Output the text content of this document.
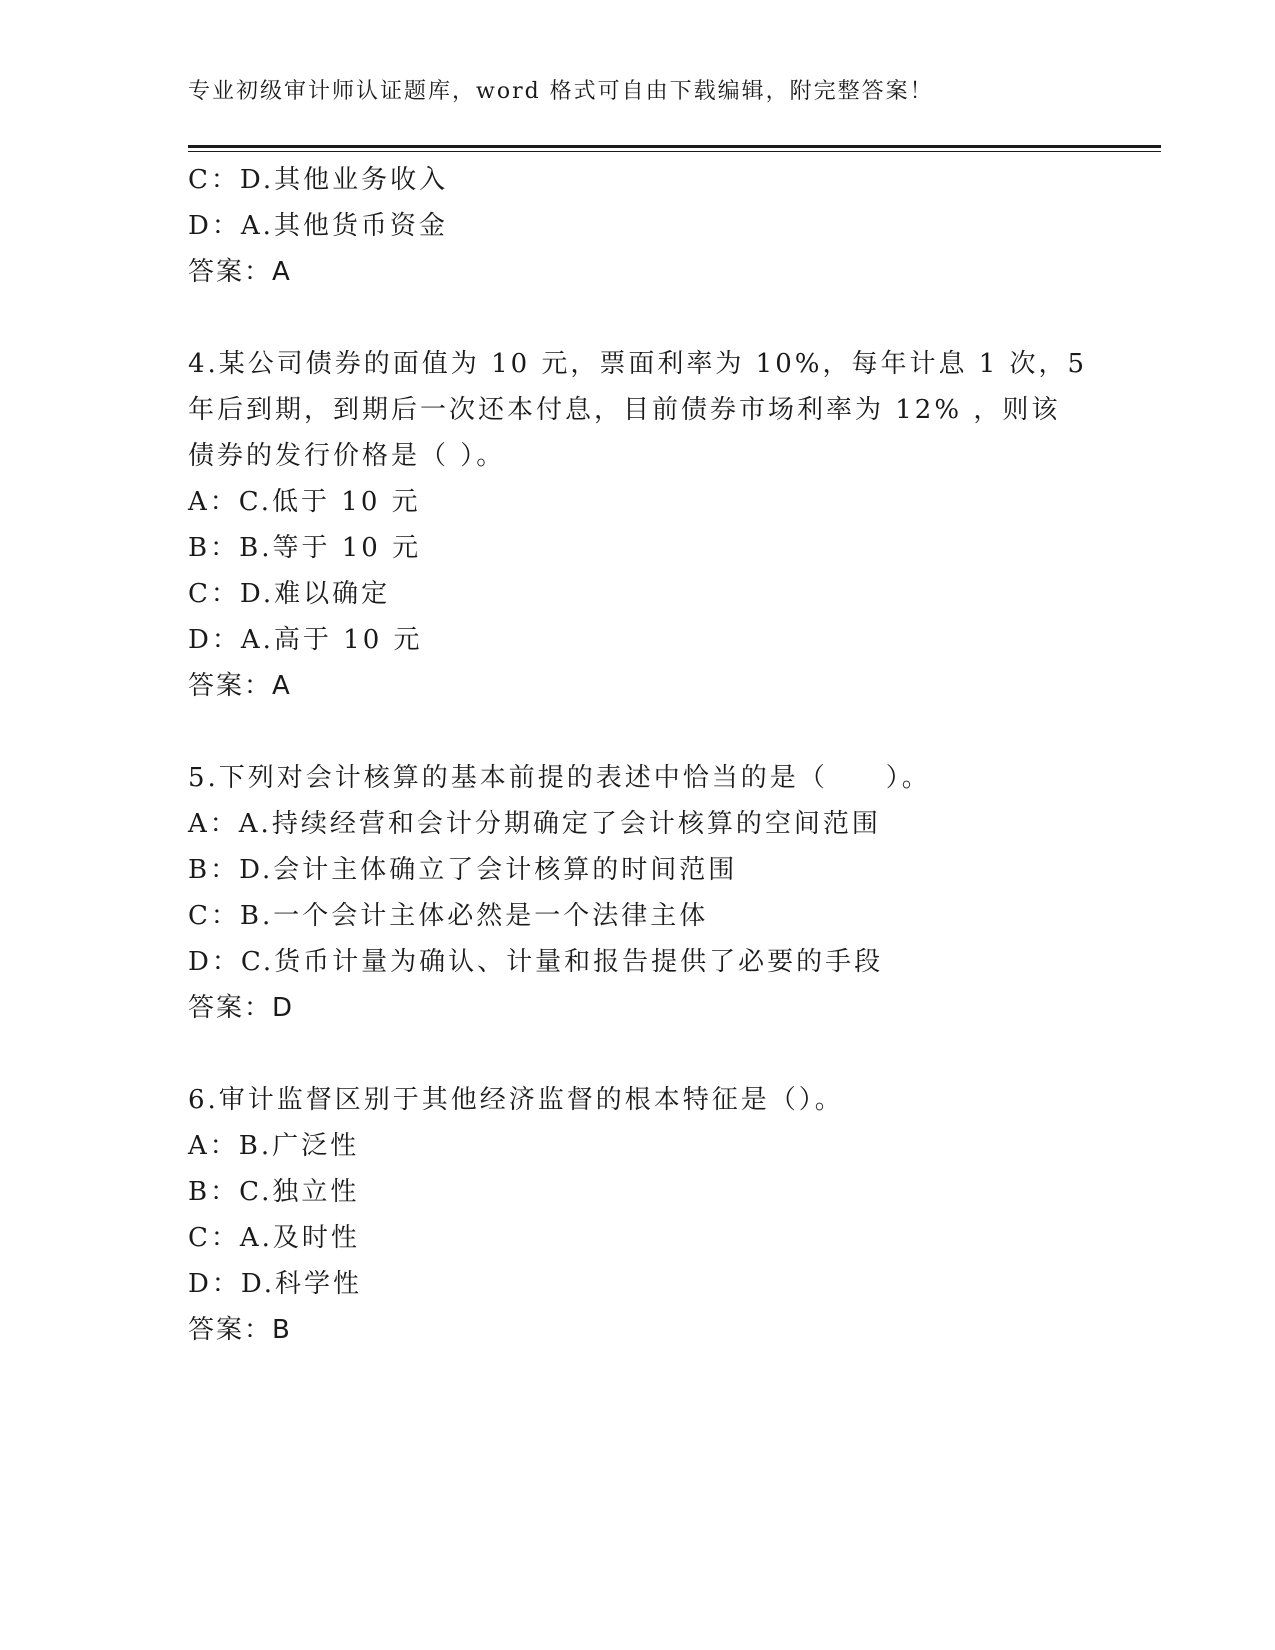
专业初级审计师认证题库，word 格式可自由下载编辑，附完整答案！
C：D.其他业务收入
D：A.其他货币资金
答案：A
4.某公司债券的面值为 10 元，票面利率为 10%，每年计息 1 次，5 年后到期，到期后一次还本付息，目前债券市场利率为 12% ，则该债券的发行价格是（ ）。
A：C.低于 10 元
B：B.等于 10 元
C：D.难以确定
D：A.高于 10 元
答案：A
5.下列对会计核算的基本前提的表述中恰当的是（　　）。
A：A.持续经营和会计分期确定了会计核算的空间范围
B：D.会计主体确立了会计核算的时间范围
C：B.一个会计主体必然是一个法律主体
D：C.货币计量为确认、计量和报告提供了必要的手段
答案：D
6.审计监督区别于其他经济监督的根本特征是（）。
A：B.广泛性
B：C.独立性
C：A.及时性
D：D.科学性
答案：B
